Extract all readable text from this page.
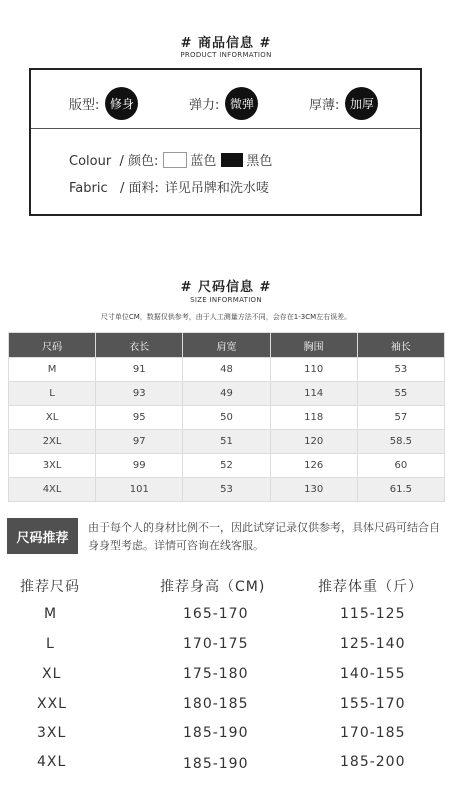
# 商品信息 #
PRODUCT INFORMATION
版型: 修身	弹力: 微弹	厚薄: 加厚
Colour  / 颜色: 蓝色 黑色
Fabric   / 面料: 详见吊牌和洗水唛
# 尺码信息 #
SIZE INFORMATION
尺寸单位CM，数据仅供参考，由于人工测量方法不同，会存在1-3CM左右误差。
尺码	衣长	肩宽	胸围	袖长
M	91	48	110	53
L	93	49	114	55
XL	95	50	118	57
2XL	97	51	120	58.5
3XL	99	52	126	60
4XL	101	53	130	61.5
尺码推荐
由于每个人的身材比例不一，因此试穿记录仅供参考，具体尺码可结合自身身型考虑。详情可咨询在线客服。
推荐尺码	推荐身高（CM)	推荐体重（斤）
M	165-170	115-125
L	170-175	125-140
XL	175-180	140-155
XXL	180-185	155-170
3XL	185-190	170-185
4XL	185-190	185-200
